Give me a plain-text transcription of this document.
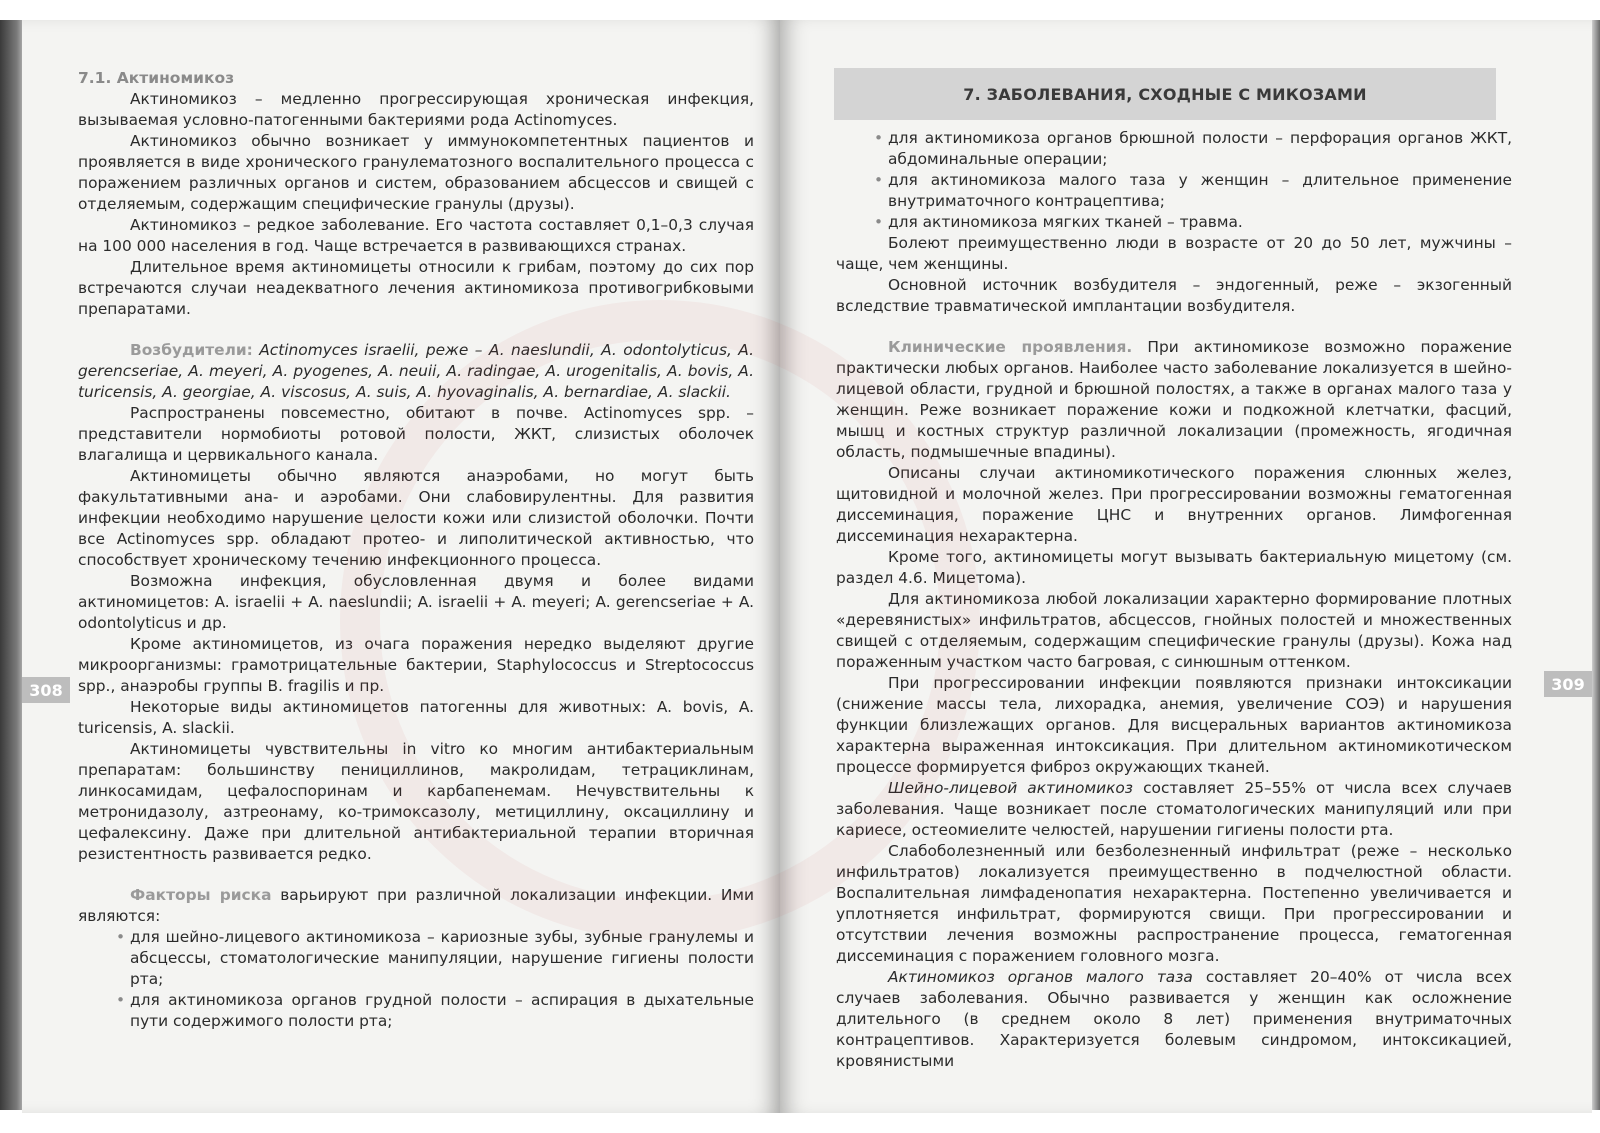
7.1. Актиномикоз

Актиномикоз – медленно прогрессирующая хроническая инфекция, вызываемая условно-патогенными бактериями рода Actinomyces.

Актиномикоз обычно возникает у иммунокомпетентных пациентов и проявляется в виде хронического гранулематозного воспалительного процесса с поражением различных органов и систем, образованием абсцессов и свищей с отделяемым, содержащим специфические гранулы (друзы).

Актиномикоз – редкое заболевание. Его частота составляет 0,1–0,3 случая на 100 000 населения в год. Чаще встречается в развивающихся странах.

Длительное время актиномицеты относили к грибам, поэтому до сих пор встречаются случаи неадекватного лечения актиномикоза противогрибковыми препаратами.

Возбудители: Actinomyces israelii, реже – A. naeslundii, A. odontolyticus, A. gerencseriae, A. meyeri, A. pyogenes, A. neuii, A. radingae, A. urogenitalis, A. bovis, A. turicensis, A. georgiae, A. viscosus, A. suis, A. hyovaginalis, A. bernardiae, A. slackii.

Распространены повсеместно, обитают в почве. Actinomyces spp. – представители нормобиоты ротовой полости, ЖКТ, слизистых оболочек влагалища и цервикального канала.

Актиномицеты обычно являются анаэробами, но могут быть факультативными ана- и аэробами. Они слабовирулентны. Для развития инфекции необходимо нарушение целости кожи или слизистой оболочки. Почти все Actinomyces spp. обладают протео- и липолитической активностью, что способствует хроническому течению инфекционного процесса.

Возможна инфекция, обусловленная двумя и более видами актиномицетов: A. israelii + A. naeslundii; A. israelii + A. meyeri; A. gerencseriae + A. odontolyticus и др.

Кроме актиномицетов, из очага поражения нередко выделяют другие микроорганизмы: грамотрицательные бактерии, Staphylococcus и Streptococcus spp., анаэробы группы B. fragilis и пр.

Некоторые виды актиномицетов патогенны для животных: A. bovis, A. turicensis, A. slackii.

Актиномицеты чувствительны in vitro ко многим антибактериальным препаратам: большинству пенициллинов, макролидам, тетрациклинам, линкосамидам, цефалоспоринам и карбапенемам. Нечувствительны к метронидазолу, азтреонаму, ко-тримоксазолу, метициллину, оксациллину и цефалексину. Даже при длительной антибактериальной терапии вторичная резистентность развивается редко.

Факторы риска варьируют при различной локализации инфекции. Ими являются:

• для шейно-лицевого актиномикоза – кариозные зубы, зубные гранулемы и абсцессы, стоматологические манипуляции, нарушение гигиены полости рта;
• для актиномикоза органов грудной полости – аспирация в дыхательные пути содержимого полости рта;
308
7. ЗАБОЛЕВАНИЯ, СХОДНЫЕ С МИКОЗАМИ
• для актиномикоза органов брюшной полости – перфорация органов ЖКТ, абдоминальные операции;
• для актиномикоза малого таза у женщин – длительное применение внутриматочного контрацептива;
• для актиномикоза мягких тканей – травма.

Болеют преимущественно люди в возрасте от 20 до 50 лет, мужчины – чаще, чем женщины.

Основной источник возбудителя – эндогенный, реже – экзогенный вследствие травматической имплантации возбудителя.

Клинические проявления. При актиномикозе возможно поражение практически любых органов. Наиболее часто заболевание локализуется в шейно-лицевой области, грудной и брюшной полостях, а также в органах малого таза у женщин. Реже возникает поражение кожи и подкожной клетчатки, фасций, мышц и костных структур различной локализации (промежность, ягодичная область, подмышечные впадины).

Описаны случаи актиномикотического поражения слюнных желез, щитовидной и молочной желез. При прогрессировании возможны гематогенная диссеминация, поражение ЦНС и внутренних органов. Лимфогенная диссеминация нехарактерна.

Кроме того, актиномицеты могут вызывать бактериальную мицетому (см. раздел 4.6. Мицетома).

Для актиномикоза любой локализации характерно формирование плотных «деревянистых» инфильтратов, абсцессов, гнойных полостей и множественных свищей с отделяемым, содержащим специфические гранулы (друзы). Кожа над пораженным участком часто багровая, с синюшным оттенком.

При прогрессировании инфекции появляются признаки интоксикации (снижение массы тела, лихорадка, анемия, увеличение СОЭ) и нарушения функции близлежащих органов. Для висцеральных вариантов актиномикоза характерна выраженная интоксикация. При длительном актиномикотическом процессе формируется фиброз окружающих тканей.

Шейно-лицевой актиномикоз составляет 25–55% от числа всех случаев заболевания. Чаще возникает после стоматологических манипуляций или при кариесе, остеомиелите челюстей, нарушении гигиены полости рта.

Слабоболезненный или безболезненный инфильтрат (реже – несколько инфильтратов) локализуется преимущественно в подчелюстной области. Воспалительная лимфаденопатия нехарактерна. Постепенно увеличивается и уплотняется инфильтрат, формируются свищи. При прогрессировании и отсутствии лечения возможны распространение процесса, гематогенная диссеминация с поражением головного мозга.

Актиномикоз органов малого таза составляет 20–40% от числа всех случаев заболевания. Обычно развивается у женщин как осложнение длительного (в среднем около 8 лет) применения внутриматочных контрацептивов. Характеризуется болевым синдромом, интоксикацией, кровянистыми

309
